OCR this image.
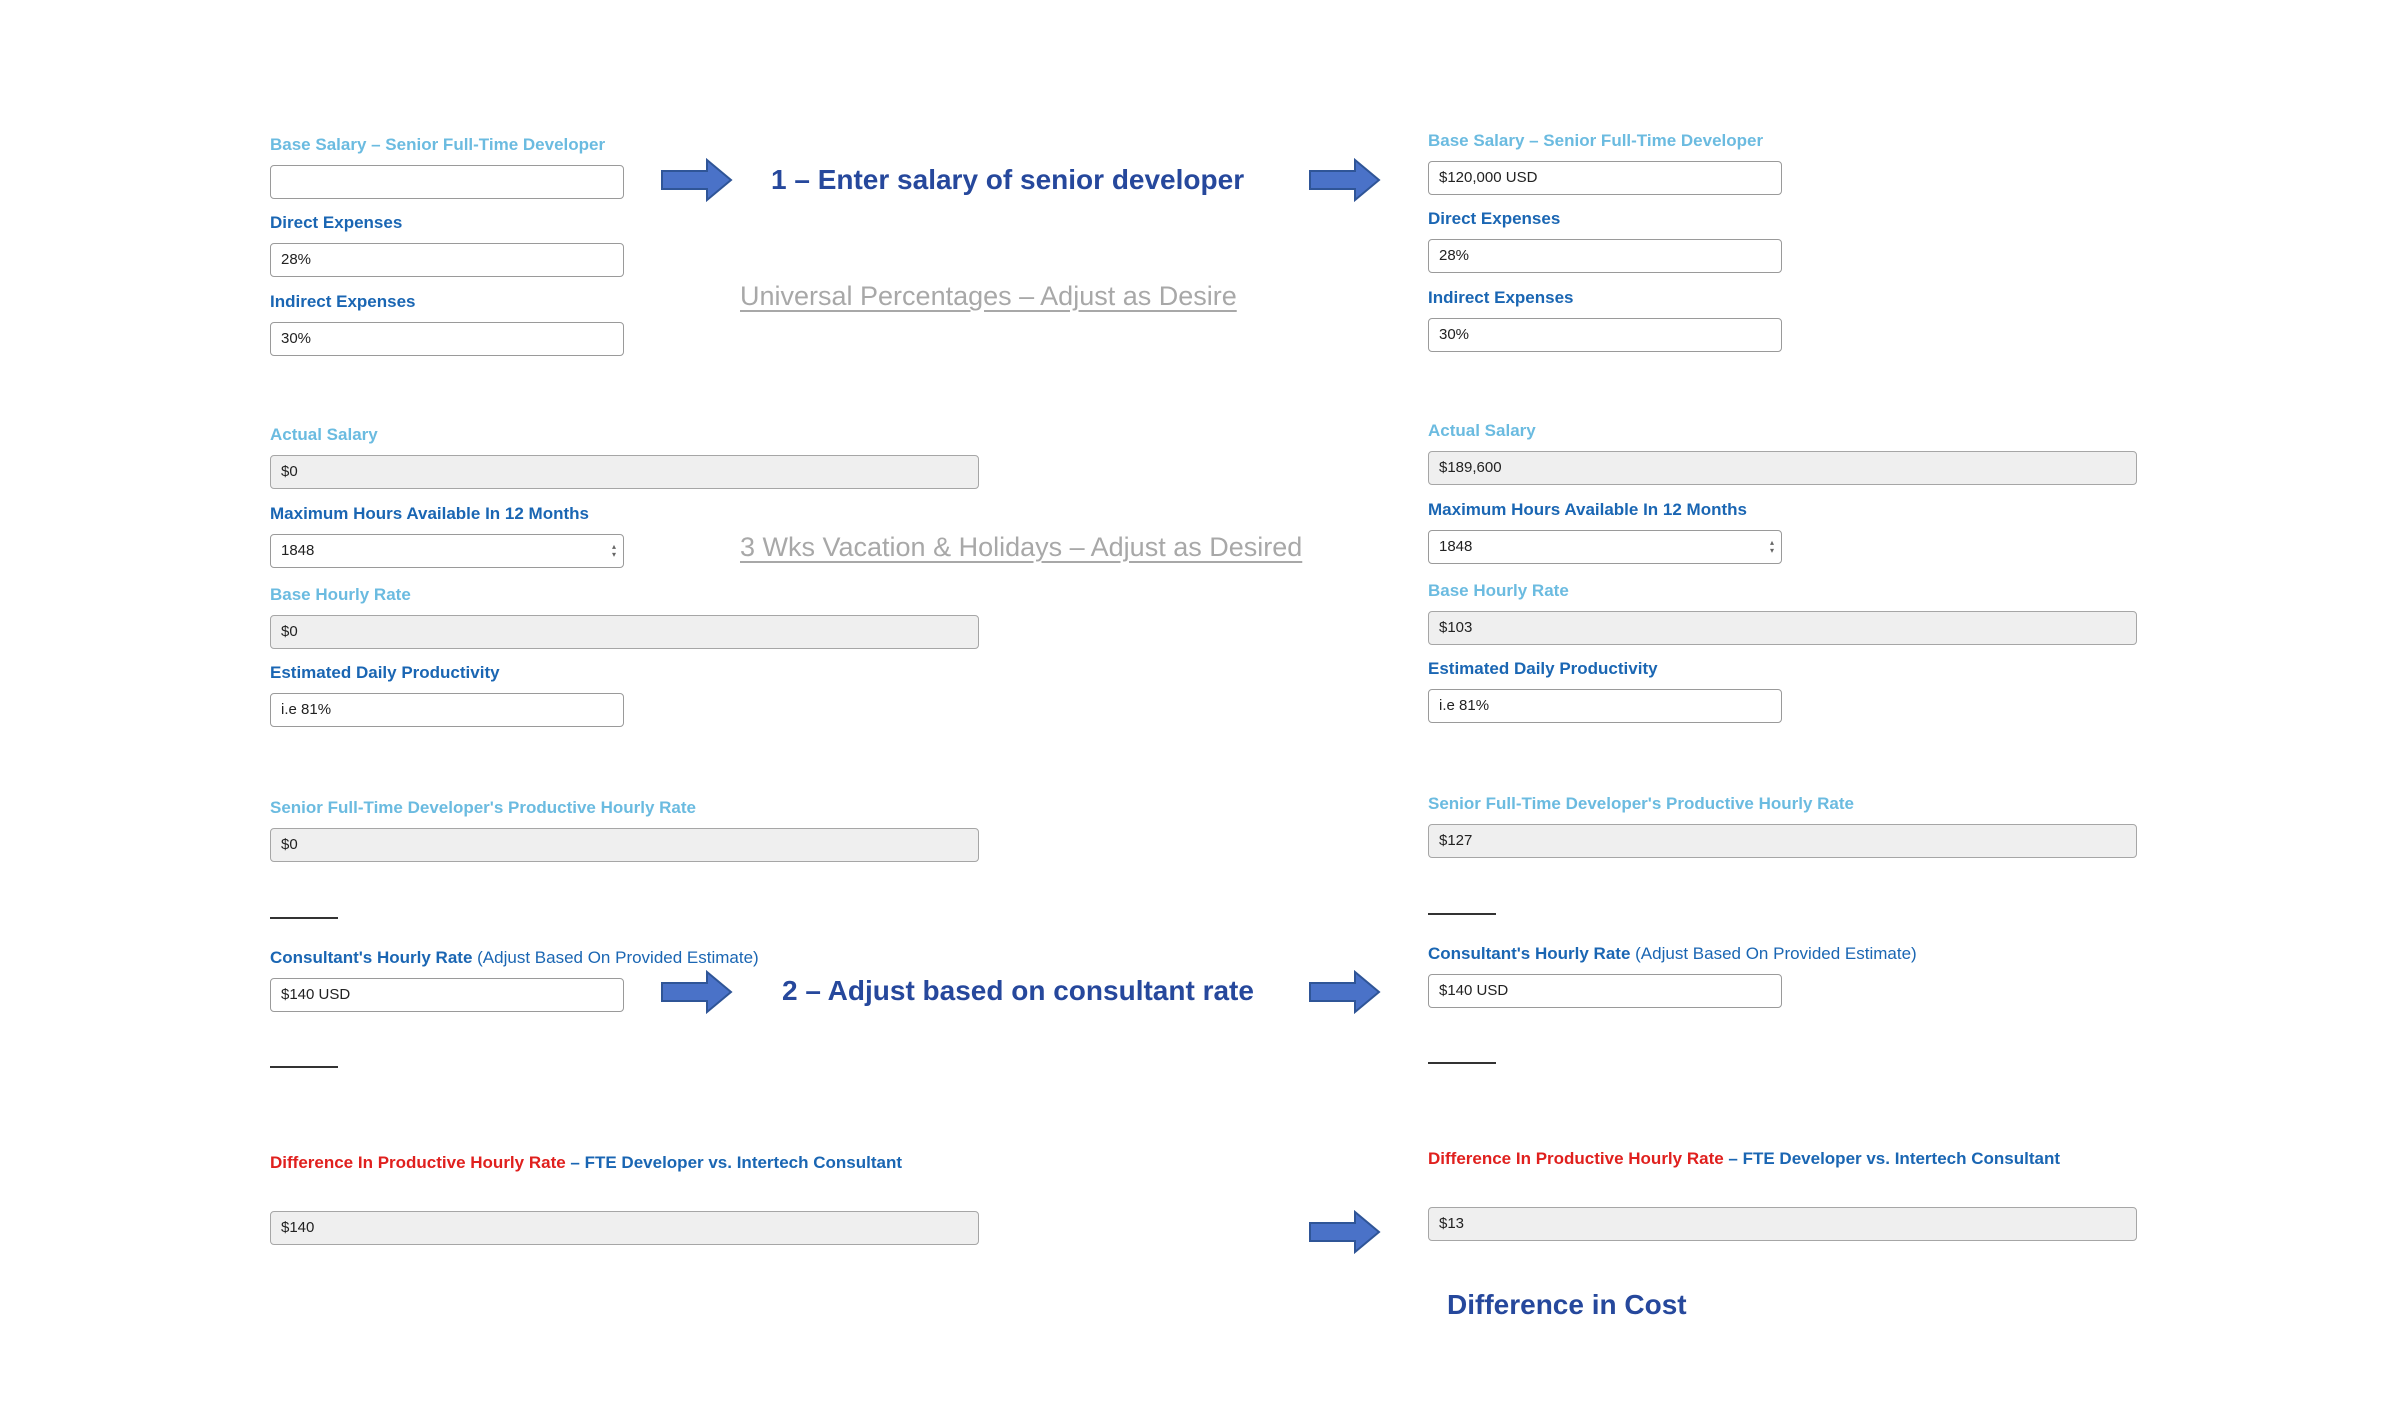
Base Salary – Senior Full-Time Developer
Direct Expenses
28%
Indirect Expenses
30%
Actual Salary
$0
Maximum Hours Available In 12 Months
1848	▴
▾
Base Hourly Rate
$0
Estimated Daily Productivity
i.e 81%
Senior Full-Time Developer's Productive Hourly Rate
$0
Consultant's Hourly Rate (Adjust Based On Provided Estimate)
$140 USD
Difference In Productive Hourly Rate – FTE Developer vs. Intertech Consultant
$140
Base Salary – Senior Full-Time Developer
$120,000 USD
Direct Expenses
28%
Indirect Expenses
30%
Actual Salary
$189,600
Maximum Hours Available In 12 Months
1848	▴
▾
Base Hourly Rate
$103
Estimated Daily Productivity
i.e 81%
Senior Full-Time Developer's Productive Hourly Rate
$127
Consultant's Hourly Rate (Adjust Based On Provided Estimate)
$140 USD
Difference In Productive Hourly Rate – FTE Developer vs. Intertech Consultant
$13
1 – Enter salary of senior developer
Universal Percentages – Adjust as Desire
3 Wks Vacation & Holidays – Adjust as Desired
2 – Adjust based on consultant rate
Difference in Cost
